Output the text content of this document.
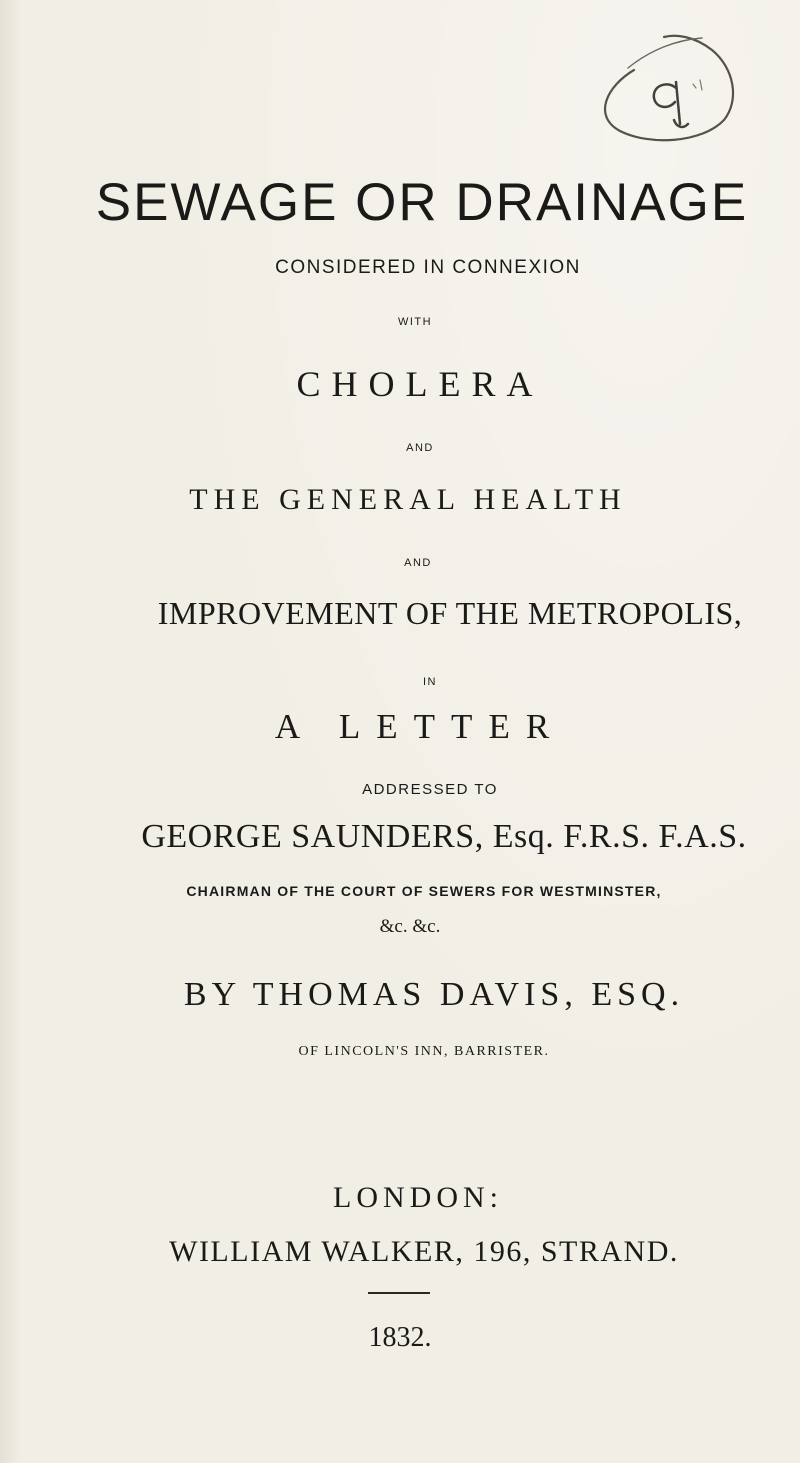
SEWAGE OR DRAINAGE
CONSIDERED IN CONNEXION
WITH
CHOLERA
AND
THE GENERAL HEALTH
AND
IMPROVEMENT OF THE METROPOLIS,
IN
A LETTER
ADDRESSED TO
GEORGE SAUNDERS, Esq. F.R.S. F.A.S.
CHAIRMAN OF THE COURT OF SEWERS FOR WESTMINSTER,
&c. &c.
BY THOMAS DAVIS, ESQ.
OF LINCOLN'S INN, BARRISTER.
LONDON:
WILLIAM WALKER, 196, STRAND.
1832.
